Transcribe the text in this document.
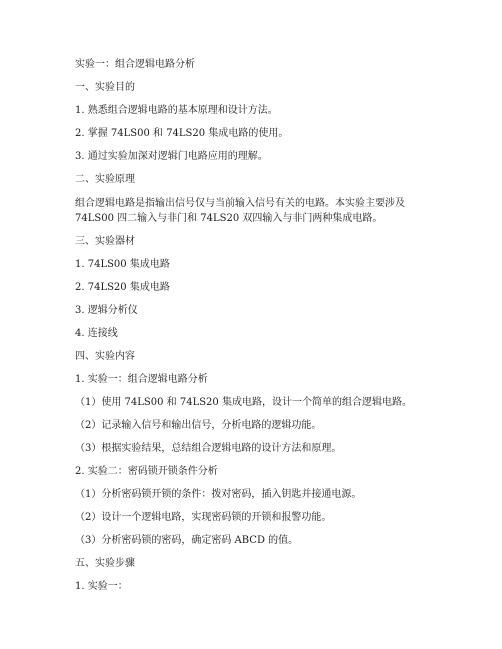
实验一：组合逻辑电路分析

一、实验目的

1. 熟悉组合逻辑电路的基本原理和设计方法。

2. 掌握 74LS00 和 74LS20 集成电路的使用。

3. 通过实验加深对逻辑门电路应用的理解。

二、实验原理

组合逻辑电路是指输出信号仅与当前输入信号有关的电路。本实验主要涉及

74LS00 四二输入与非门和 74LS20 双四输入与非门两种集成电路。

三、实验器材

1. 74LS00 集成电路

2. 74LS20 集成电路

3. 逻辑分析仪

4. 连接线

四、实验内容

1. 实验一：组合逻辑电路分析

（1）使用 74LS00 和 74LS20 集成电路，设计一个简单的组合逻辑电路。

（2）记录输入信号和输出信号，分析电路的逻辑功能。

（3）根据实验结果，总结组合逻辑电路的设计方法和原理。

2. 实验二：密码锁开锁条件分析

（1）分析密码锁开锁的条件：拨对密码，插入钥匙并接通电源。

（2）设计一个逻辑电路，实现密码锁的开锁和报警功能。

（3）分析密码锁的密码，确定密码 ABCD 的值。

五、实验步骤

1. 实验一：
